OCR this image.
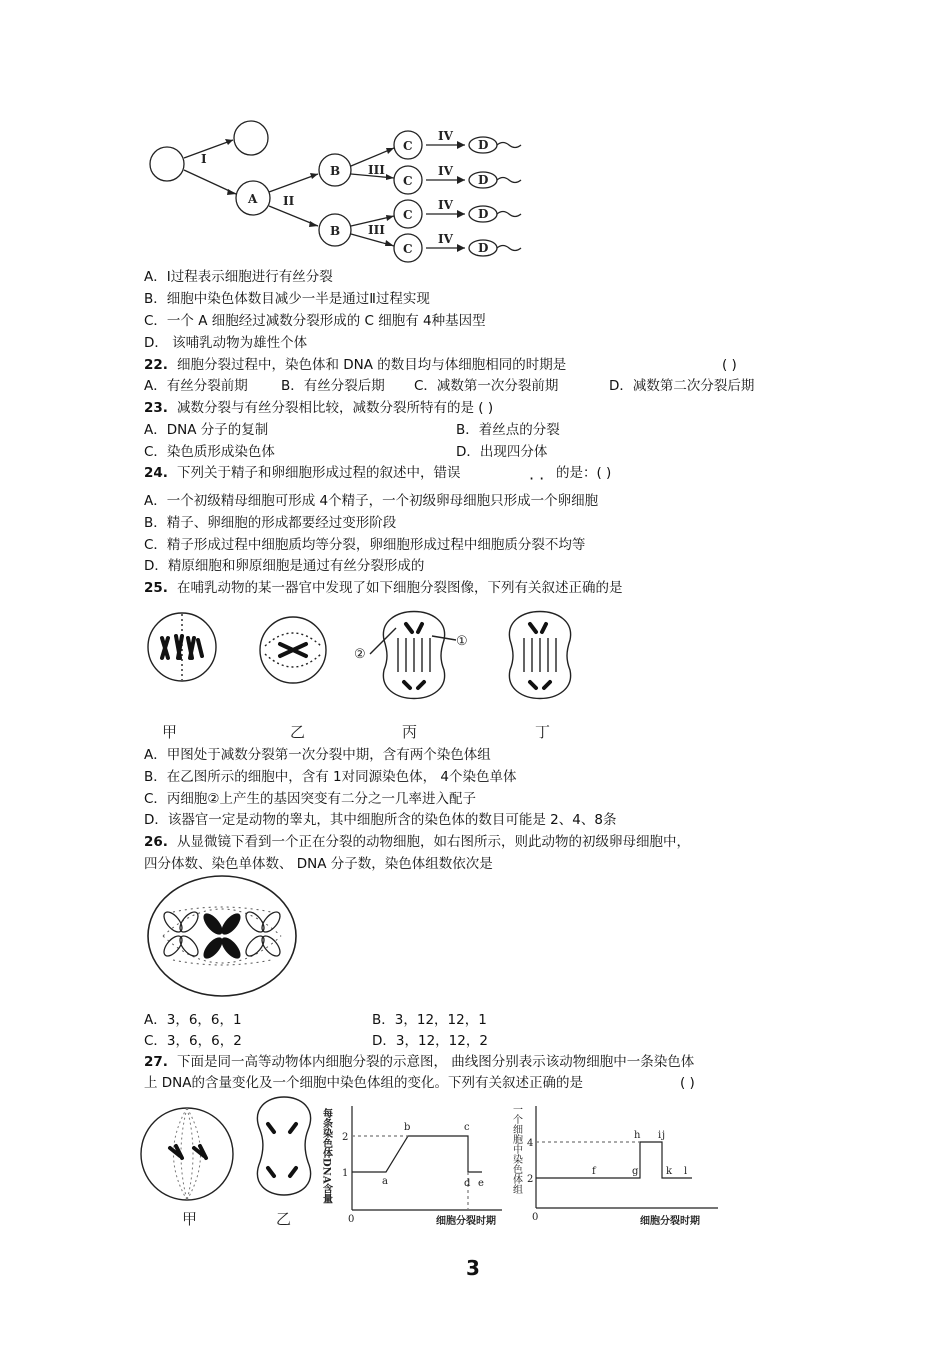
I
II
III
III
IV
IV
IV
IV
A
B
B
C
C
C
C
D
D
D
D
A．Ⅰ过程表示细胞进行有丝分裂
B．细胞中染色体数目减少一半是通过Ⅱ过程实现
C．一个 A 细胞经过减数分裂形成的 C 细胞有 4种基因型
D． 该哺乳动物为雄性个体
22. 细胞分裂过程中，染色体和 DNA 的数目均与体细胞相同的时期是	( )
A．有丝分裂前期 B．有丝分裂后期 C．减数第一次分裂前期	D．减数第二次分裂后期
23. 减数分裂与有丝分裂相比较，减数分裂所特有的是 ( )
A．DNA 分子的复制	B．着丝点的分裂
C．染色质形成染色体	D．出现四分体
24. 下列关于精子和卵细胞形成过程的叙述中，错误	· · 的是：( )
A．一个初级精母细胞可形成 4个精子，一个初级卵母细胞只形成一个卵细胞
B．精子、卵细胞的形成都要经过变形阶段
C．精子形成过程中细胞质均等分裂，卵细胞形成过程中细胞质分裂不均等
D．精原细胞和卵原细胞是通过有丝分裂形成的
25. 在哺乳动物的某一器官中发现了如下细胞分裂图像，下列有关叙述正确的是
②
①
甲	乙	丙	丁
A．甲图处于减数分裂第一次分裂中期，含有两个染色体组
B．在乙图所示的细胞中，含有 1对同源染色体， 4个染色单体
C．丙细胞②上产生的基因突变有二分之一几率进入配子
D．该器官一定是动物的睾丸，其中细胞所含的染色体的数目可能是 2、4、8条
26. 从显微镜下看到一个正在分裂的动物细胞，如右图所示，则此动物的初级卵母细胞中，
四分体数、染色单体数、 DNA 分子数，染色体组数依次是
A．3，6，6，1	B．3，12，12，1
C．3，6，6，2	D．3，12，12，2
27. 下面是同一高等动物体内细胞分裂的示意图， 曲线图分别表示该动物细胞中一条染色体
上 DNA的含量变化及一个细胞中染色体组的变化。下列有关叙述正确的是	( )
甲	乙
每条染色体DNA含量 2
1
0
a
b	c
d e
细胞分裂时期
一个细胞中染色体组 4
2
0
f	g
h i j
k l
细胞分裂时期
3
